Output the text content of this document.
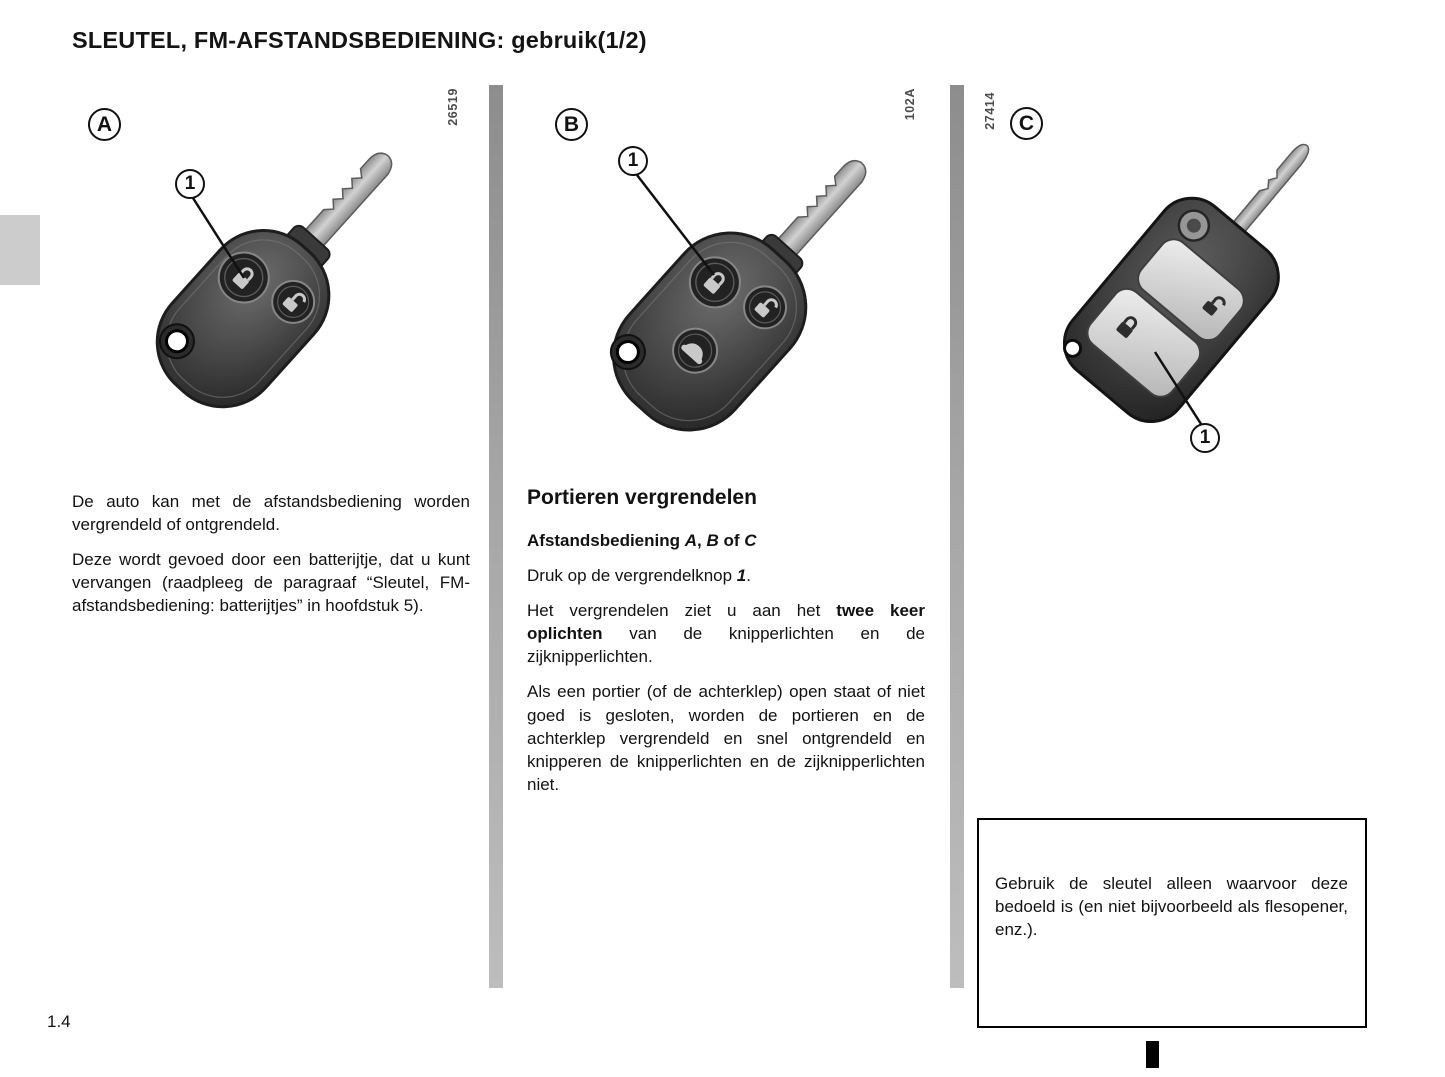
SLEUTEL, FM-AFSTANDSBEDIENING: gebruik(1/2)
A	26519
1
B
102A
1
27414	C
1

De auto kan met de afstandsbediening worden vergrendeld of ontgrendeld.

Deze wordt gevoed door een batterijtje, dat u kunt vervangen (raadpleeg de paragraaf “Sleutel, FM-afstandsbediening: batterijtjes” in hoofdstuk 5).

Portieren vergrendelen

Afstandsbediening A, B of C

Druk op de vergrendelknop 1.

Het vergrendelen ziet u aan het twee keer oplichten van de knipperlichten en de zijknipperlichten.

Als een portier (of de achterklep) open staat of niet goed is gesloten, worden de portieren en de achterklep vergrendeld en snel ontgrendeld en knipperen de knipperlichten en de zijknipperlichten niet.

Gebruik de sleutel alleen waarvoor deze bedoeld is (en niet bijvoorbeeld als flesopener, enz.).

1.4
